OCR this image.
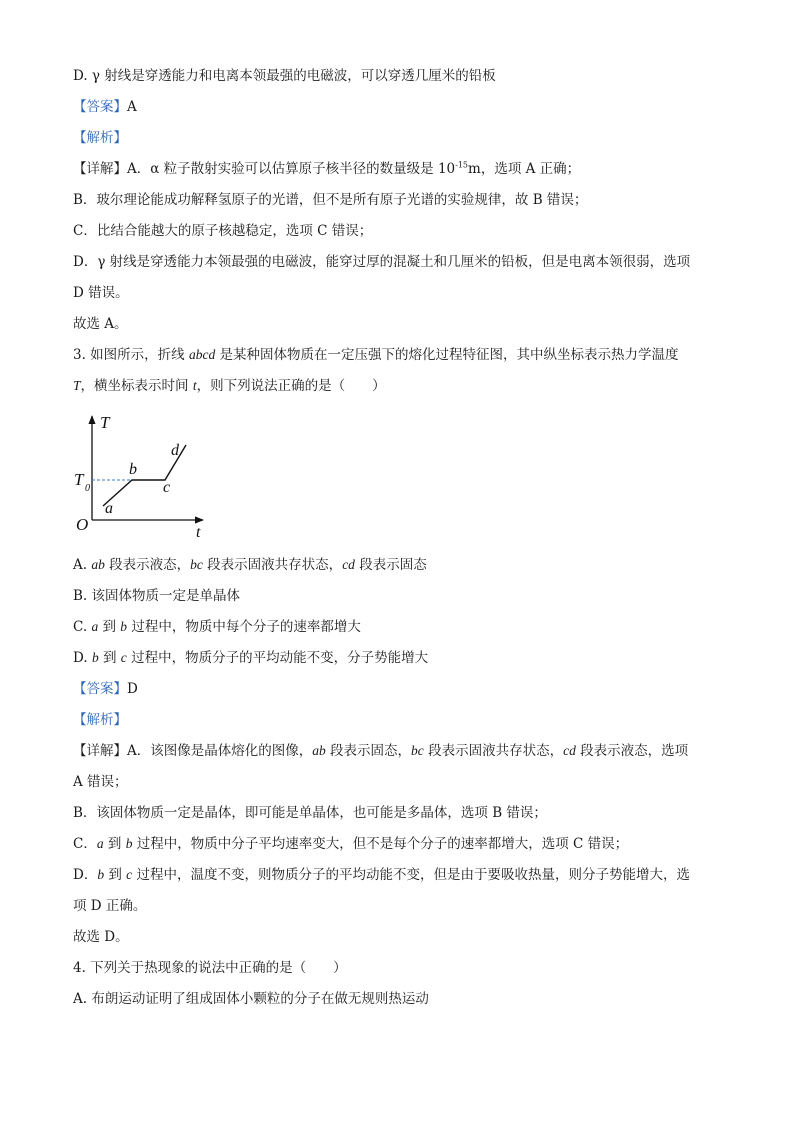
D. γ 射线是穿透能力和电离本领最强的电磁波，可以穿透几厘米的铅板
【答案】A
【解析】
【详解】A．α 粒子散射实验可以估算原子核半径的数量级是 $10^{-15}m$，选项 A 正确；
B．玻尔理论能成功解释氢原子的光谱，但不是所有原子光谱的实验规律，故 B 错误；
C．比结合能越大的原子核越稳定，选项 C 错误；
D．γ 射线是穿透能力本领最强的电磁波，能穿过厚的混凝土和几厘米的铅板，但是电离本领很弱，选项
D 错误。
故选 A。
3. 如图所示，折线 abcd 是某种固体物质在一定压强下的熔化过程特征图，其中纵坐标表示热力学温度
T，横坐标表示时间 t，则下列说法正确的是（　　）
T
t
O
T 0
a
b
c
d
A. ab 段表示液态，bc 段表示固液共存状态，cd 段表示固态
B. 该固体物质一定是单晶体
C. a 到 b 过程中，物质中每个分子的速率都增大
D. b 到 c 过程中，物质分子的平均动能不变，分子势能增大
【答案】D
【解析】
【详解】A．该图像是晶体熔化的图像，ab 段表示固态，bc 段表示固液共存状态，cd 段表示液态，选项
A 错误；
B．该固体物质一定是晶体，即可能是单晶体，也可能是多晶体，选项 B 错误；
C．a 到 b 过程中，物质中分子平均速率变大，但不是每个分子的速率都增大，选项 C 错误；
D．b 到 c 过程中，温度不变，则物质分子的平均动能不变，但是由于要吸收热量，则分子势能增大，选
项 D 正确。
故选 D。
4. 下列关于热现象的说法中正确的是（　　）
A. 布朗运动证明了组成固体小颗粒的分子在做无规则热运动
